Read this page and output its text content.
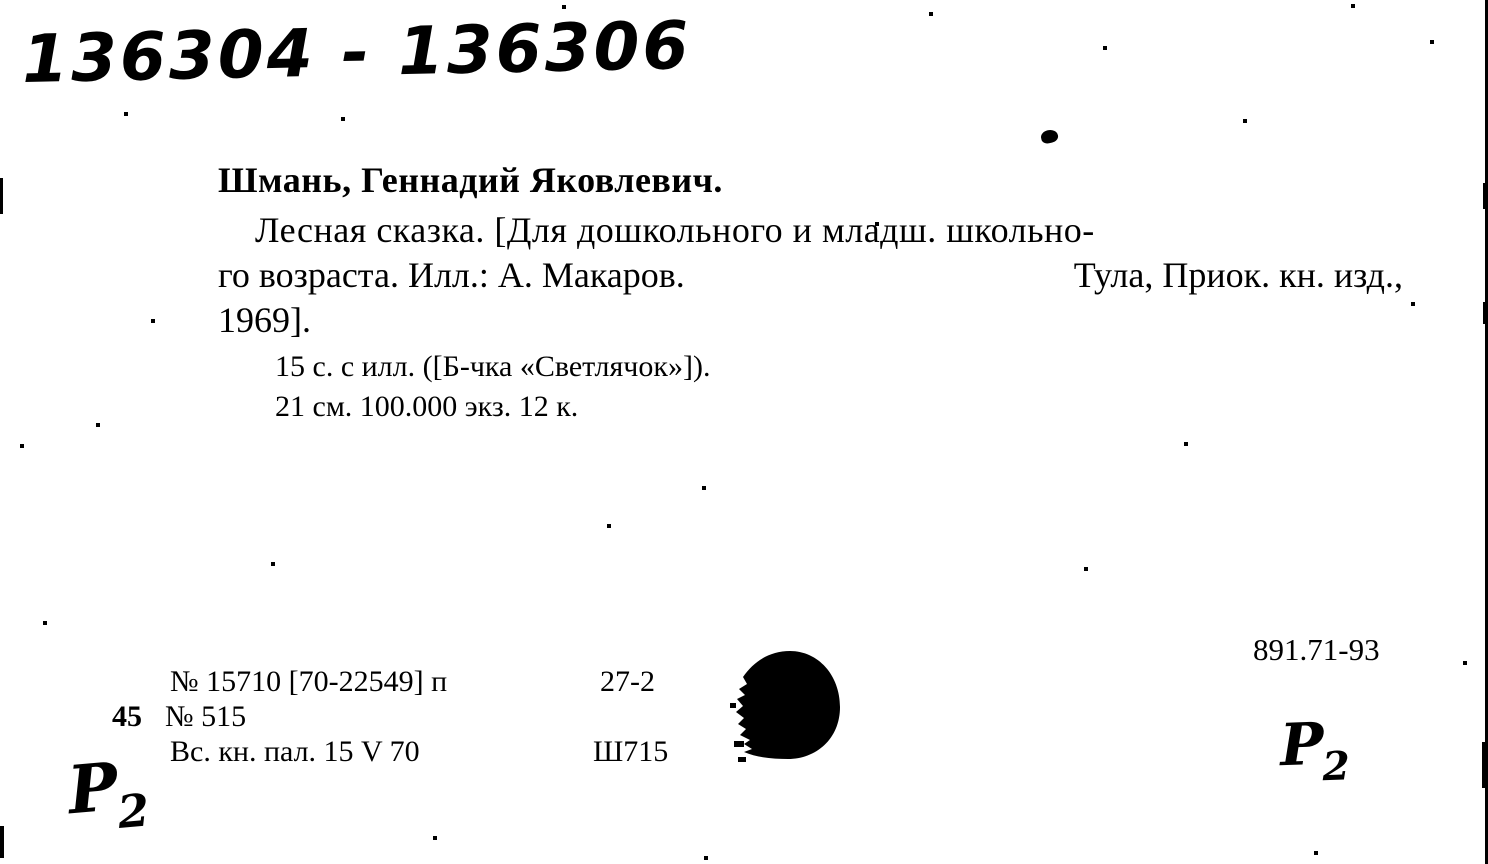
136304 - 136306
Шмань, Геннадий Яковлевич.
Лесная сказка. [Для дошкольного и младш. школьно-
го возраста. Илл.: А. Макаров.	Тула, Приок. кн. изд.,
1969].
15 с. с илл. ([Б-чка «Светлячок»]).
21 см. 100.000 экз. 12 к.
891.71-93
№ 15710 [70-22549] п	27-2
45 № 515
Вс. кн. пал. 15 V 70	Ш715
Р2
Р2
